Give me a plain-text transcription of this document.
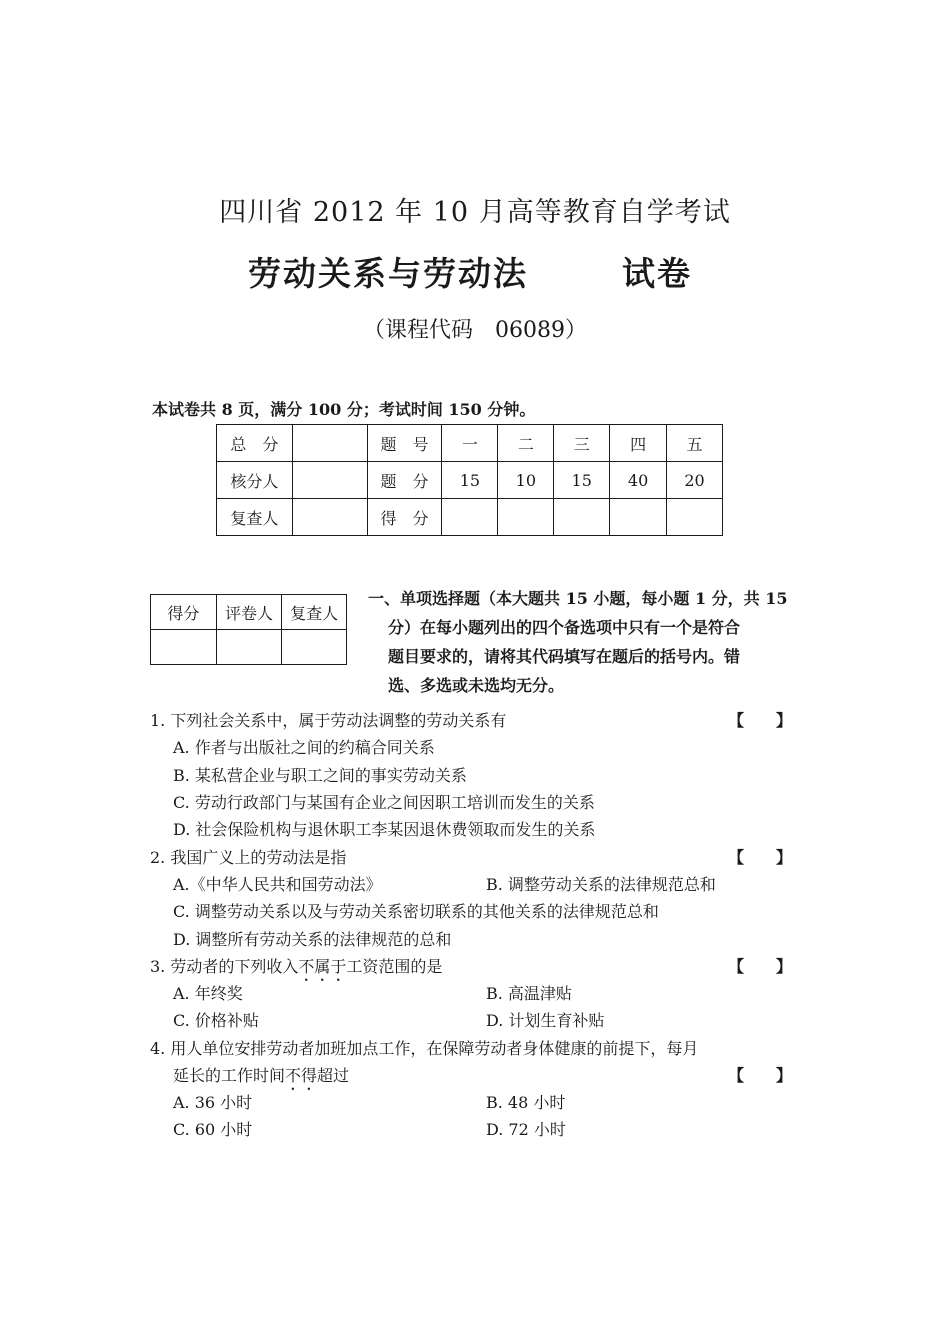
四川省 2012 年 10 月高等教育自学考试
劳动关系与劳动法	试卷
（课程代码　06089）
本试卷共 8 页，满分 100 分；考试时间 150 分钟。
总　分		题　号	一	二	三	四	五
核分人		题　分	15	10	15	40	20
复查人		得　分					
得分	评卷人	复查人

一、单项选择题（本大题共 15 小题，每小题 1 分，共 15
分）在每小题列出的四个备选项中只有一个是符合
题目要求的，请将其代码填写在题后的括号内。错
选、多选或未选均无分。
1. 下列社会关系中，属于劳动法调整的劳动关系有	【　　】
A. 作者与出版社之间的约稿合同关系
B. 某私营企业与职工之间的事实劳动关系
C. 劳动行政部门与某国有企业之间因职工培训而发生的关系
D. 社会保险机构与退休职工李某因退休费领取而发生的关系
2. 我国广义上的劳动法是指	【　　】
A.《中华人民共和国劳动法》	B. 调整劳动关系的法律规范总和
C. 调整劳动关系以及与劳动关系密切联系的其他关系的法律规范总和
D. 调整所有劳动关系的法律规范的总和
3. 劳动者的下列收入不属于工资范围的是	【　　】
A. 年终奖	B. 高温津贴
C. 价格补贴	D. 计划生育补贴
4. 用人单位安排劳动者加班加点工作，在保障劳动者身体健康的前提下，每月
延长的工作时间不得超过	【　　】
A. 36 小时	B. 48 小时
C. 60 小时	D. 72 小时
